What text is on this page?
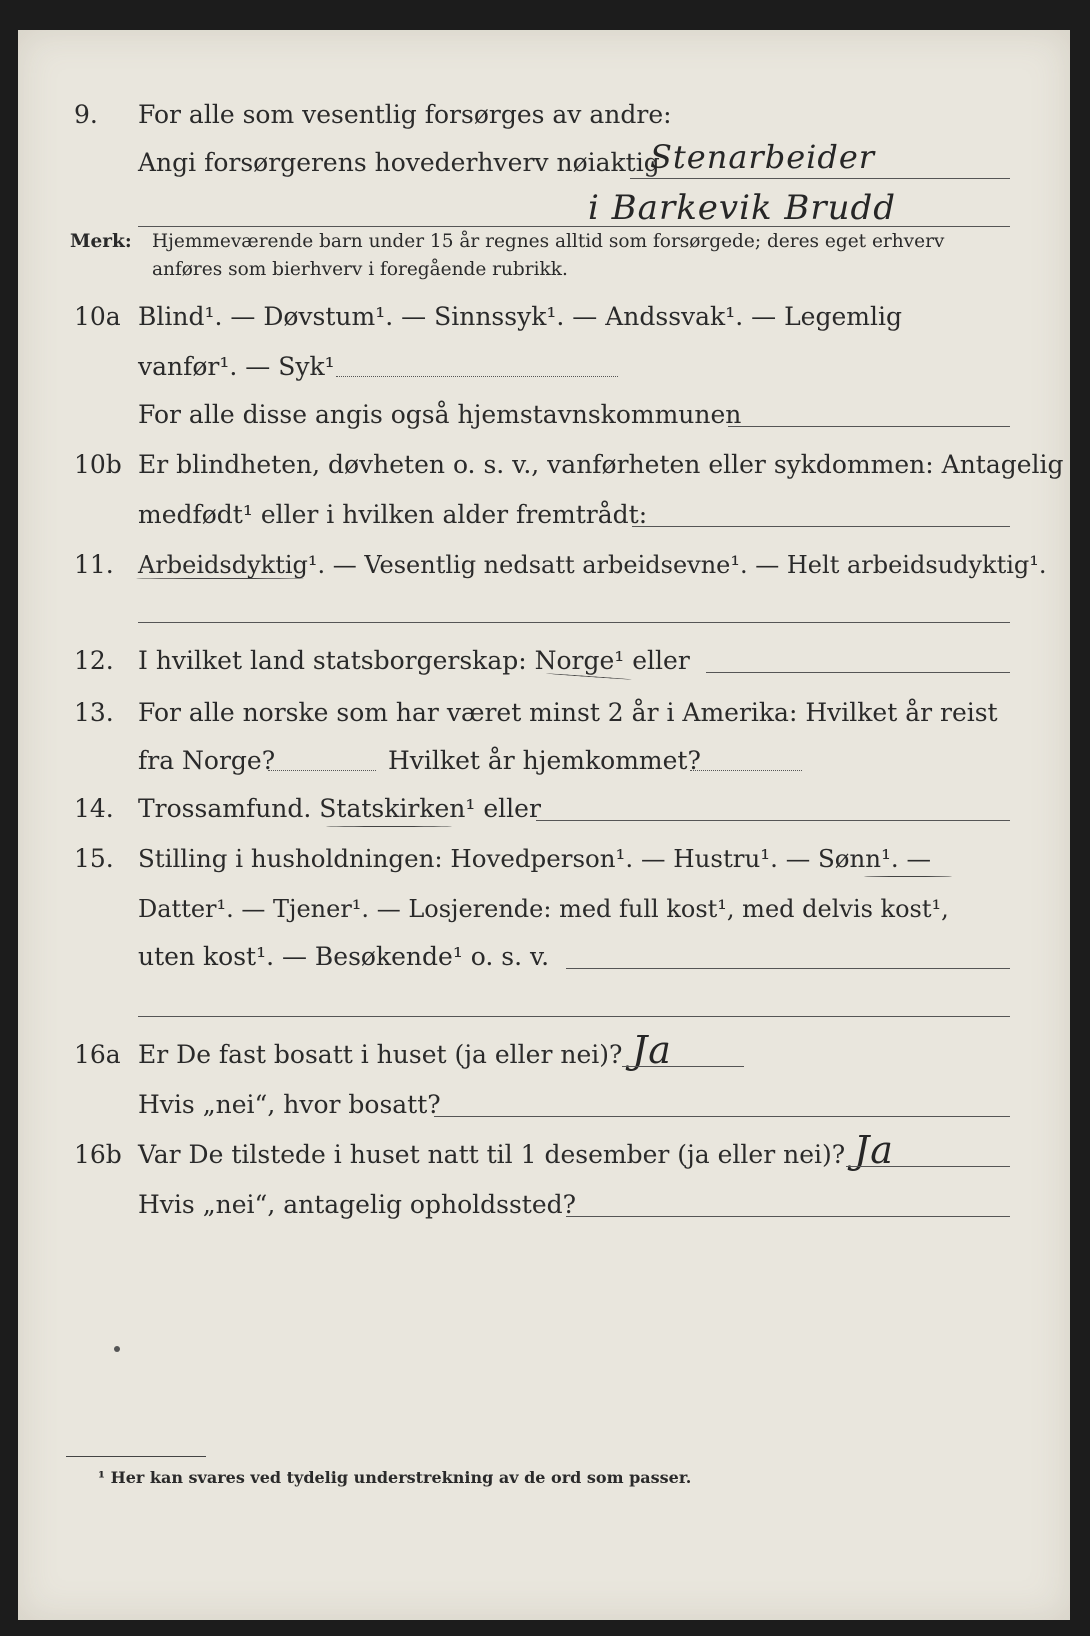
9. For alle som vesentlig forsørges av andre:
Angi forsørgerens hovederhverv nøiaktig
Stenarbeider
i Barkevik Brudd
Merk: Hjemmeværende barn under 15 år regnes alltid som forsørgede; deres eget erhverv
anføres som bierhverv i foregående rubrikk.
10a Blind¹. — Døvstum¹. — Sinnssyk¹. — Andssvak¹. — Legemlig
vanfør¹. — Syk¹
For alle disse angis også hjemstavnskommunen
10b Er blindheten, døvheten o. s. v., vanførheten eller sykdommen: Antagelig
medfødt¹ eller i hvilken alder fremtrådt:
11. Arbeidsdyktig¹. — Vesentlig nedsatt arbeidsevne¹. — Helt arbeidsudyktig¹.
12. I hvilket land statsborgerskap: Norge¹ eller
13. For alle norske som har været minst 2 år i Amerika: Hvilket år reist
fra Norge?	Hvilket år hjemkommet?
14. Trossamfund. Statskirken¹ eller
15. Stilling i husholdningen: Hovedperson¹. — Hustru¹. — Sønn¹. —
Datter¹. — Tjener¹. — Losjerende: med full kost¹, med delvis kost¹,
uten kost¹. — Besøkende¹ o. s. v.
16a Er De fast bosatt i huset (ja eller nei)? Ja
Hvis „nei“, hvor bosatt?
16b Var De tilstede i huset natt til 1 desember (ja eller nei)? Ja
Hvis „nei“, antagelig opholdssted?
¹ Her kan svares ved tydelig understrekning av de ord som passer.
